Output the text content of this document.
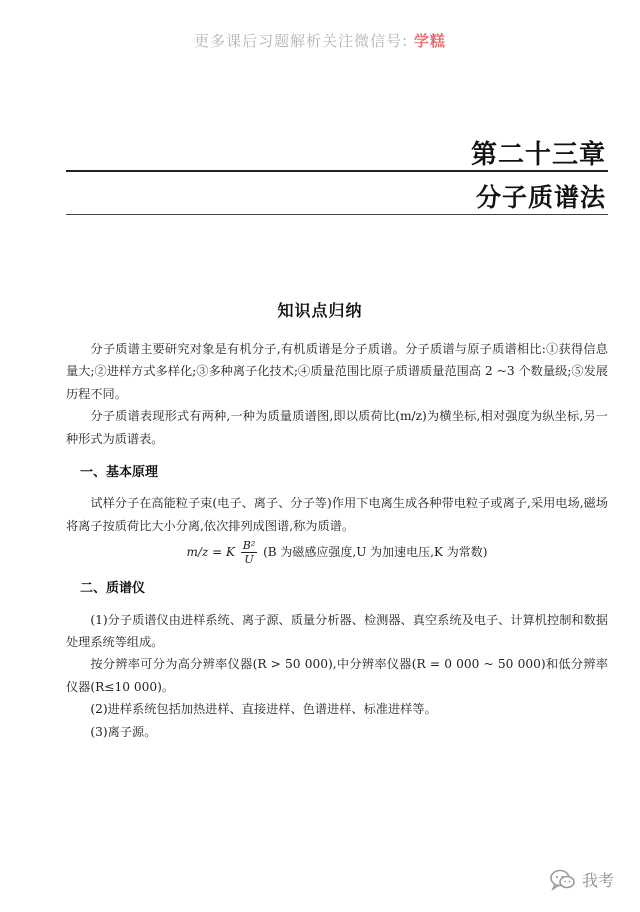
更多课后习题解析关注微信号: 学糕
第二十三章
分子质谱法
知识点归纳

分子质谱主要研究对象是有机分子,有机质谱是分子质谱。分子质谱与原子质谱相比:①获得信息量大;②进样方式多样化;③多种离子化技术;④质量范围比原子质谱质量范围高 2 ~3 个数量级;⑤发展历程不同。

分子质谱表现形式有两种,一种为质量质谱图,即以质荷比(m/z)为横坐标,相对强度为纵坐标,另一种形式为质谱表。

一、基本原理

试样分子在高能粒子束(电子、离子、分子等)作用下电离生成各种带电粒子或离子,采用电场,磁场将离子按质荷比大小分离,依次排列成图谱,称为质谱。

m/z = K $\frac{\text{B²}}{U} (B$ 为磁感应强度,U 为加速电压,K 为常数)
二、质谱仪

(1)分子质谱仪由进样系统、离子源、质量分析器、检测器、真空系统及电子、计算机控制和数据处理系统等组成。

按分辨率可分为高分辨率仪器(R > 50 000),中分辨率仪器(R = 0 000 ~ 50 000)和低分辨率仪器(R≤10 000)。

(2)进样系统包括加热进样、直接进样、色谱进样、标准进样等。

(3)离子源。

我考
